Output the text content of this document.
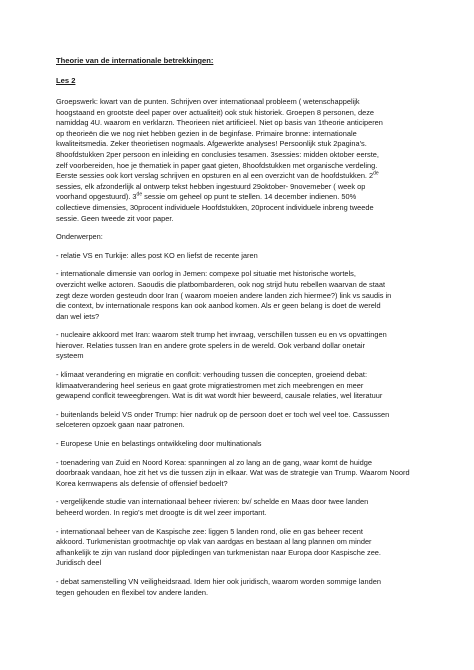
Theorie van de internationale betrekkingen:

Les 2

Groepswerk: kwart van de punten. Schrijven over internationaal probleem ( wetenschappelijk
hoogstaand en grootste deel paper over actualiteit) ook stuk historiek. Groepen 8 personen, deze
namiddag 4U. waarom en verklarzn. Theorieen niet artificieel. Niet op basis van 1theorie anticiperen
op theorieën die we nog niet hebben gezien in de beginfase. Primaire bronne: internationale
kwaliteitsmedia. Zeker theorietisen nogmaals. Afgewerkte analyses! Persoonlijk stuk 2pagina's.
8hoofdstukken 2per persoon en inleiding en conclusies tesamen. 3sessies: midden oktober eerste,
zelf voorbereiden, hoe je thematiek in paper gaat gieten, 8hoofdstukken met organische verdeling.
Eerste sessies ook kort verslag schrijven en opsturen en al een overzicht van de hoofdstukken. 2de
sessies, elk afzonderlijk al ontwerp tekst hebben ingestuurd 29oktober- 9novemeber ( week op
voorhand opgestuurd). 3de sessie om geheel op punt te stellen. 14 december indienen. 50%
collectieve dimensies, 30procent individuele Hoofdstukken, 20procent individuele inbreng tweede
sessie. Geen tweede zit voor paper.

Onderwerpen:

- relatie VS en Turkije: alles post KO en liefst de recente jaren
- internationale dimensie van oorlog in Jemen: compexe pol situatie met historische wortels,
overzicht welke actoren. Saoudis die platbombarderen, ook nog strijd hutu rebellen waarvan de staat
zegt deze worden gesteudn door Iran ( waarom moeien andere landen zich hiermee?) link vs saudis in
die context, bv internationale respons kan ook aanbod komen. Als er geen belang is doet de wereld
dan wel iets?
- nucleaire akkoord met Iran: waarom stelt trump het invraag, verschillen tussen eu en vs opvattingen
hierover. Relaties tussen Iran en andere grote spelers in de wereld. Ook verband dollar onetair
systeem
- klimaat verandering en migratie en conflcit: verhouding tussen die concepten, groeiend debat:
klimaatverandering heel serieus en gaat grote migratiestromen met zich meebrengen en meer
gewapend conflcit teweegbrengen. Wat is dit wat wordt hier beweerd, causale relaties, wel literatuur
- buitenlands beleid VS onder Trump: hier nadruk op de persoon doet er toch wel veel toe. Cassussen
selceteren opzoek gaan naar patronen.
- Europese Unie en belastings ontwikkeling door multinationals
- toenadering van Zuid en Noord Korea: spanningen al zo lang an de gang, waar komt de huidge
doorbraak vandaan, hoe zit het vs die tussen zijn in elkaar. Wat was de strategie van Trump. Waarom Noord
Korea kernwapens als defensie of offensief bedoelt?
- vergelijkende studie van internationaal beheer rivieren: bv/ schelde en Maas door twee landen
beheerd worden. In regio's met droogte is dit wel zeer important.
- internationaal beheer van de Kaspische zee: liggen 5 landen rond, olie en gas beheer recent
akkoord. Turkmenistan grootmachtje op vlak van aardgas en bestaan al lang plannen om minder
afhankelijk te zijn van rusland door pijpledingen van turkmenistan naar Europa door Kaspische zee.
Juridisch deel
- debat samenstelling VN veiligheidsraad. Idem hier ook juridisch, waarom worden sommige landen
tegen gehouden en flexibel tov andere landen.
